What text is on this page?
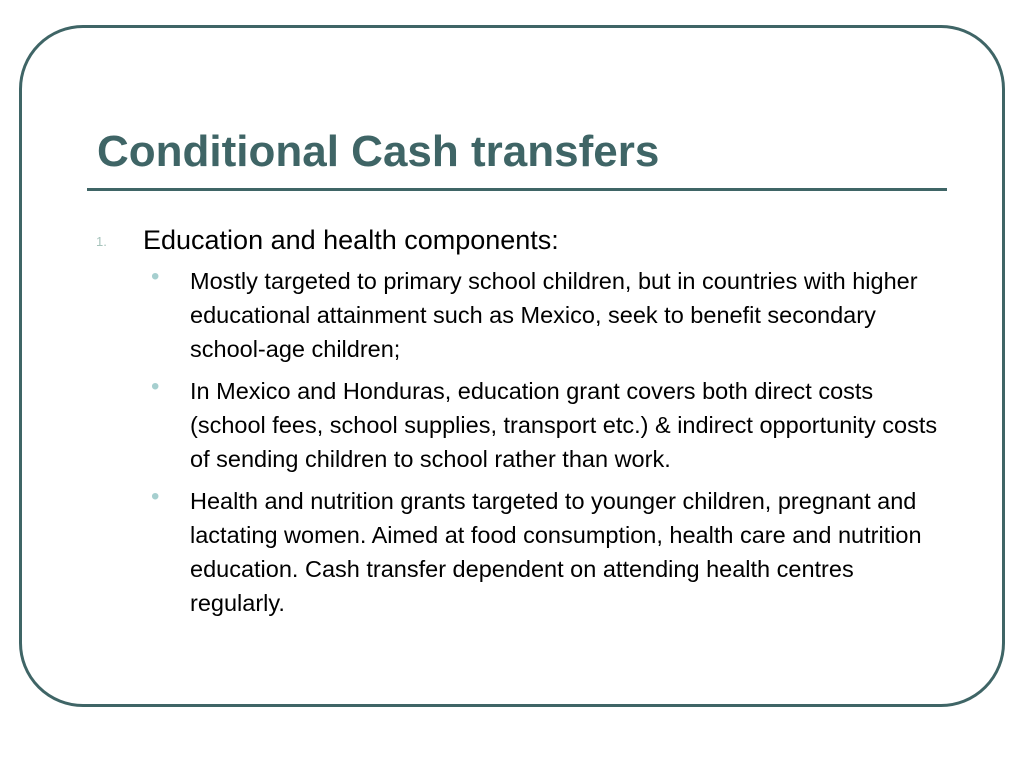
Conditional Cash transfers
1. Education and health components:
• Mostly targeted to primary school children, but in countries with higher educational attainment such as Mexico, seek to benefit secondary school-age children;
• In Mexico and Honduras, education grant covers both direct costs (school fees, school supplies, transport etc.) & indirect opportunity costs of sending children to school rather than work.
• Health and nutrition grants targeted to younger children, pregnant and lactating women. Aimed at food consumption, health care and nutrition education. Cash transfer dependent on attending health centres regularly.
